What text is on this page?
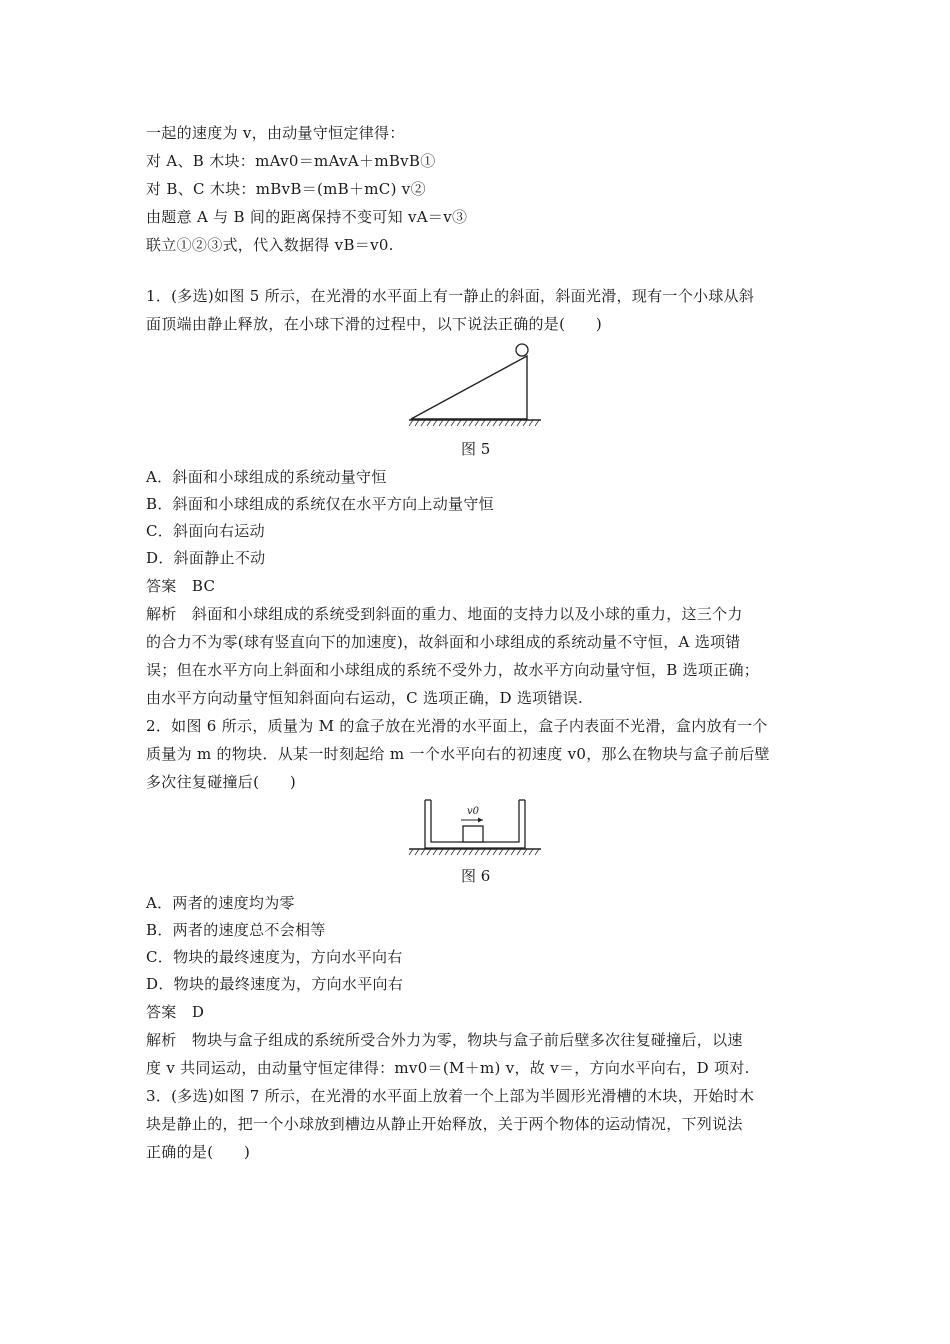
一起的速度为 v，由动量守恒定律得：
对 A、B 木块：mAv0＝mAvA＋mBvB①
对 B、C 木块：mBvB＝(mB＋mC) v②
由题意 A 与 B 间的距离保持不变可知 vA＝v③
联立①②③式，代入数据得 vB＝v0.
1．(多选)如图 5 所示，在光滑的水平面上有一静止的斜面，斜面光滑，现有一个小球从斜
面顶端由静止释放，在小球下滑的过程中，以下说法正确的是(　　)
图 5
A．斜面和小球组成的系统动量守恒
B．斜面和小球组成的系统仅在水平方向上动量守恒
C．斜面向右运动
D．斜面静止不动
答案　BC
解析　斜面和小球组成的系统受到斜面的重力、地面的支持力以及小球的重力，这三个力
的合力不为零(球有竖直向下的加速度)，故斜面和小球组成的系统动量不守恒，A 选项错
误；但在水平方向上斜面和小球组成的系统不受外力，故水平方向动量守恒，B 选项正确；
由水平方向动量守恒知斜面向右运动，C 选项正确，D 选项错误.
2．如图 6 所示，质量为 M 的盒子放在光滑的水平面上，盒子内表面不光滑，盒内放有一个
质量为 m 的物块．从某一时刻起给 m 一个水平向右的初速度 v0，那么在物块与盒子前后壁
多次往复碰撞后(　　)
v0
图 6
A．两者的速度均为零
B．两者的速度总不会相等
C．物块的最终速度为，方向水平向右
D．物块的最终速度为，方向水平向右
答案　D
解析　物块与盒子组成的系统所受合外力为零，物块与盒子前后壁多次往复碰撞后，以速
度 v 共同运动，由动量守恒定律得：mv0＝(M＋m) v，故 v＝，方向水平向右，D 项对.
3．(多选)如图 7 所示，在光滑的水平面上放着一个上部为半圆形光滑槽的木块，开始时木
块是静止的，把一个小球放到槽边从静止开始释放，关于两个物体的运动情况，下列说法
正确的是(　　)
